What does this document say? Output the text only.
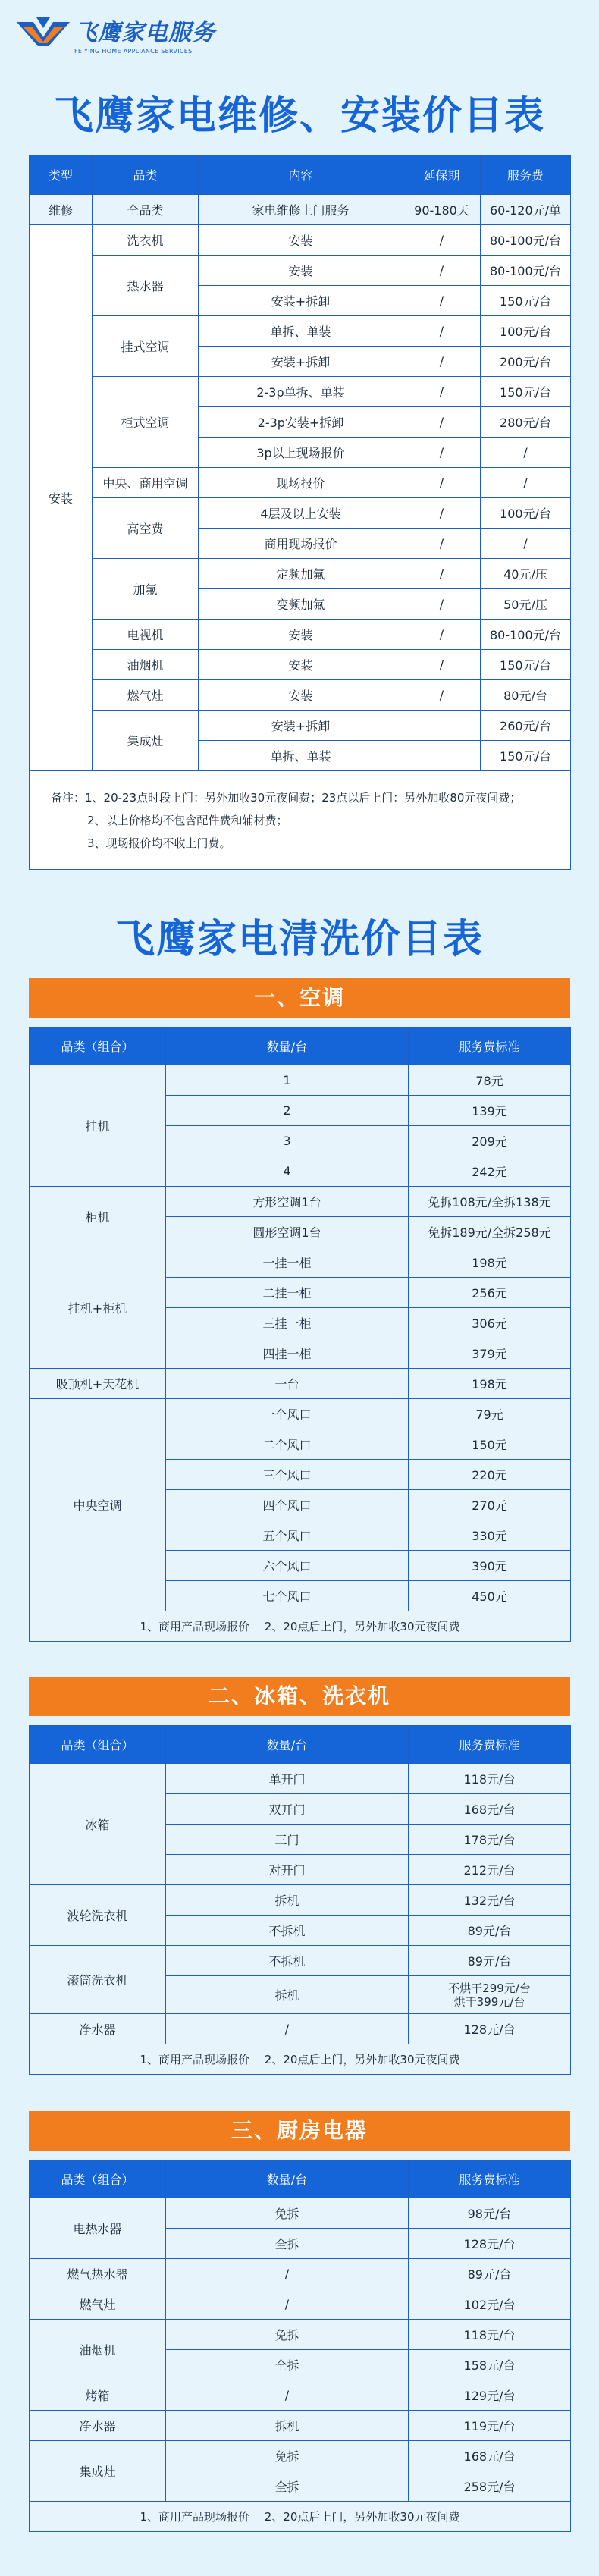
飞鹰家电服务
FEIYING HOME APPLIANCE SERVICES
飞鹰家电维修、安装价目表
类型	品类	内容	延保期	服务费
维修	全品类	家电维修上门服务	90-180天	60-120元/单
安装	洗衣机	安装	/	80-100元/台
	热水器	安装	/	80-100元/台
		安装+拆卸	/	150元/台
	挂式空调	单拆、单装	/	100元/台
		安装+拆卸	/	200元/台
	柜式空调	2-3p单拆、单装	/	150元/台
		2-3p安装+拆卸	/	280元/台
		3p以上现场报价	/	/
	中央、商用空调	现场报价	/	/
	高空费	4层及以上安装	/	100元/台
		商用现场报价	/	/
	加氟	定频加氟	/	40元/压
		变频加氟	/	50元/压
	电视机	安装	/	80-100元/台
	油烟机	安装	/	150元/台
	燃气灶	安装	/	80元/台
	集成灶	安装+拆卸		260元/台
		单拆、单装		150元/台

备注：1、20-23点时段上门：另外加收30元夜间费；23点以后上门：另外加收80元夜间费；
2、以上价格均不包含配件费和辅材费；
3、现场报价均不收上门费。				
飞鹰家电清洗价目表
一、空调
品类（组合）	数量/台	服务费标准
挂机	1	78元
	2	139元
	3	209元
	4	242元
柜机	方形空调1台	免拆108元/全拆138元
	圆形空调1台	免拆189元/全拆258元
挂机+柜机	一挂一柜	198元
	二挂一柜	256元
	三挂一柜	306元
	四挂一柜	379元
吸顶机+天花机	一台	198元
中央空调	一个风口	79元
	二个风口	150元
	三个风口	220元
	四个风口	270元
	五个风口	330元
	六个风口	390元
	七个风口	450元
1、商用产品现场报价　 2、20点后上门，另外加收30元夜间费		
二、冰箱、洗衣机
品类（组合）	数量/台	服务费标准
冰箱	单开门	118元/台
	双开门	168元/台
	三门	178元/台
	对开门	212元/台
波轮洗衣机	拆机	132元/台
	不拆机	89元/台
滚筒洗衣机	不拆机	89元/台
	拆机	不烘干299元/台
烘干399元/台

净水器	/	128元/台
1、商用产品现场报价　 2、20点后上门，另外加收30元夜间费		
三、厨房电器
品类（组合）	数量/台	服务费标准
电热水器	免拆	98元/台
	全拆	128元/台
燃气热水器	/	89元/台
燃气灶	/	102元/台
油烟机	免拆	118元/台
	全拆	158元/台
烤箱	/	129元/台
净水器	拆机	119元/台
集成灶	免拆	168元/台
	全拆	258元/台
1、商用产品现场报价　 2、20点后上门，另外加收30元夜间费		
